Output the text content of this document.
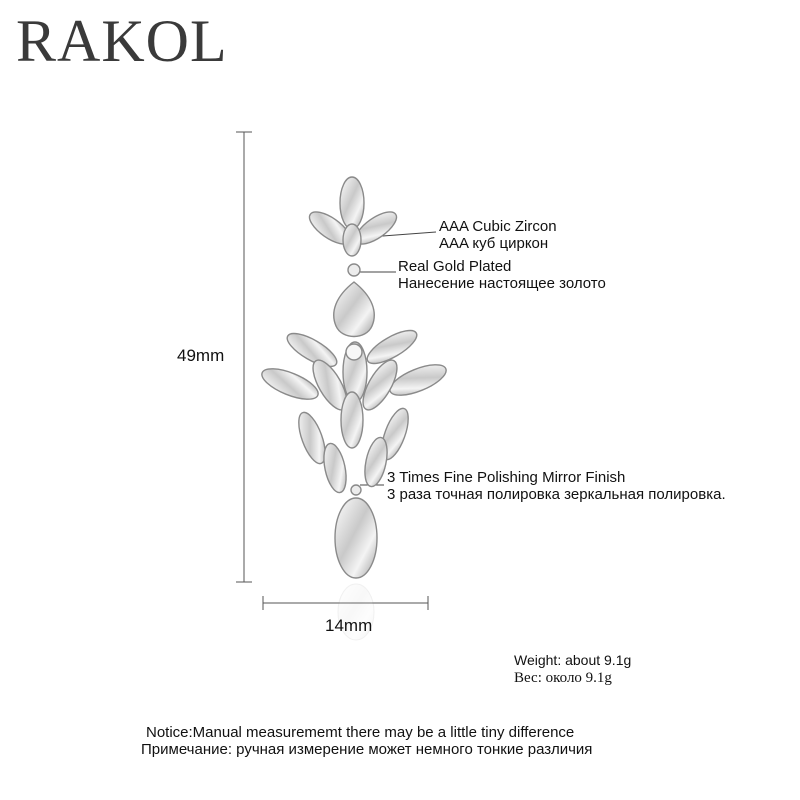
RAKOL
49mm
14mm
AAA Cubic Zircon
AAA куб циркон
Real Gold Plated
Нанесение настоящее золото
3 Times Fine Polishing Mirror Finish
3 раза точная полировка зеркальная полировка.
Weight: about 9.1g
Вес: около 9.1g
Notice:Manual measurememt there may be a little tiny difference
Примечание: ручная измерение может немного тонкие различия
